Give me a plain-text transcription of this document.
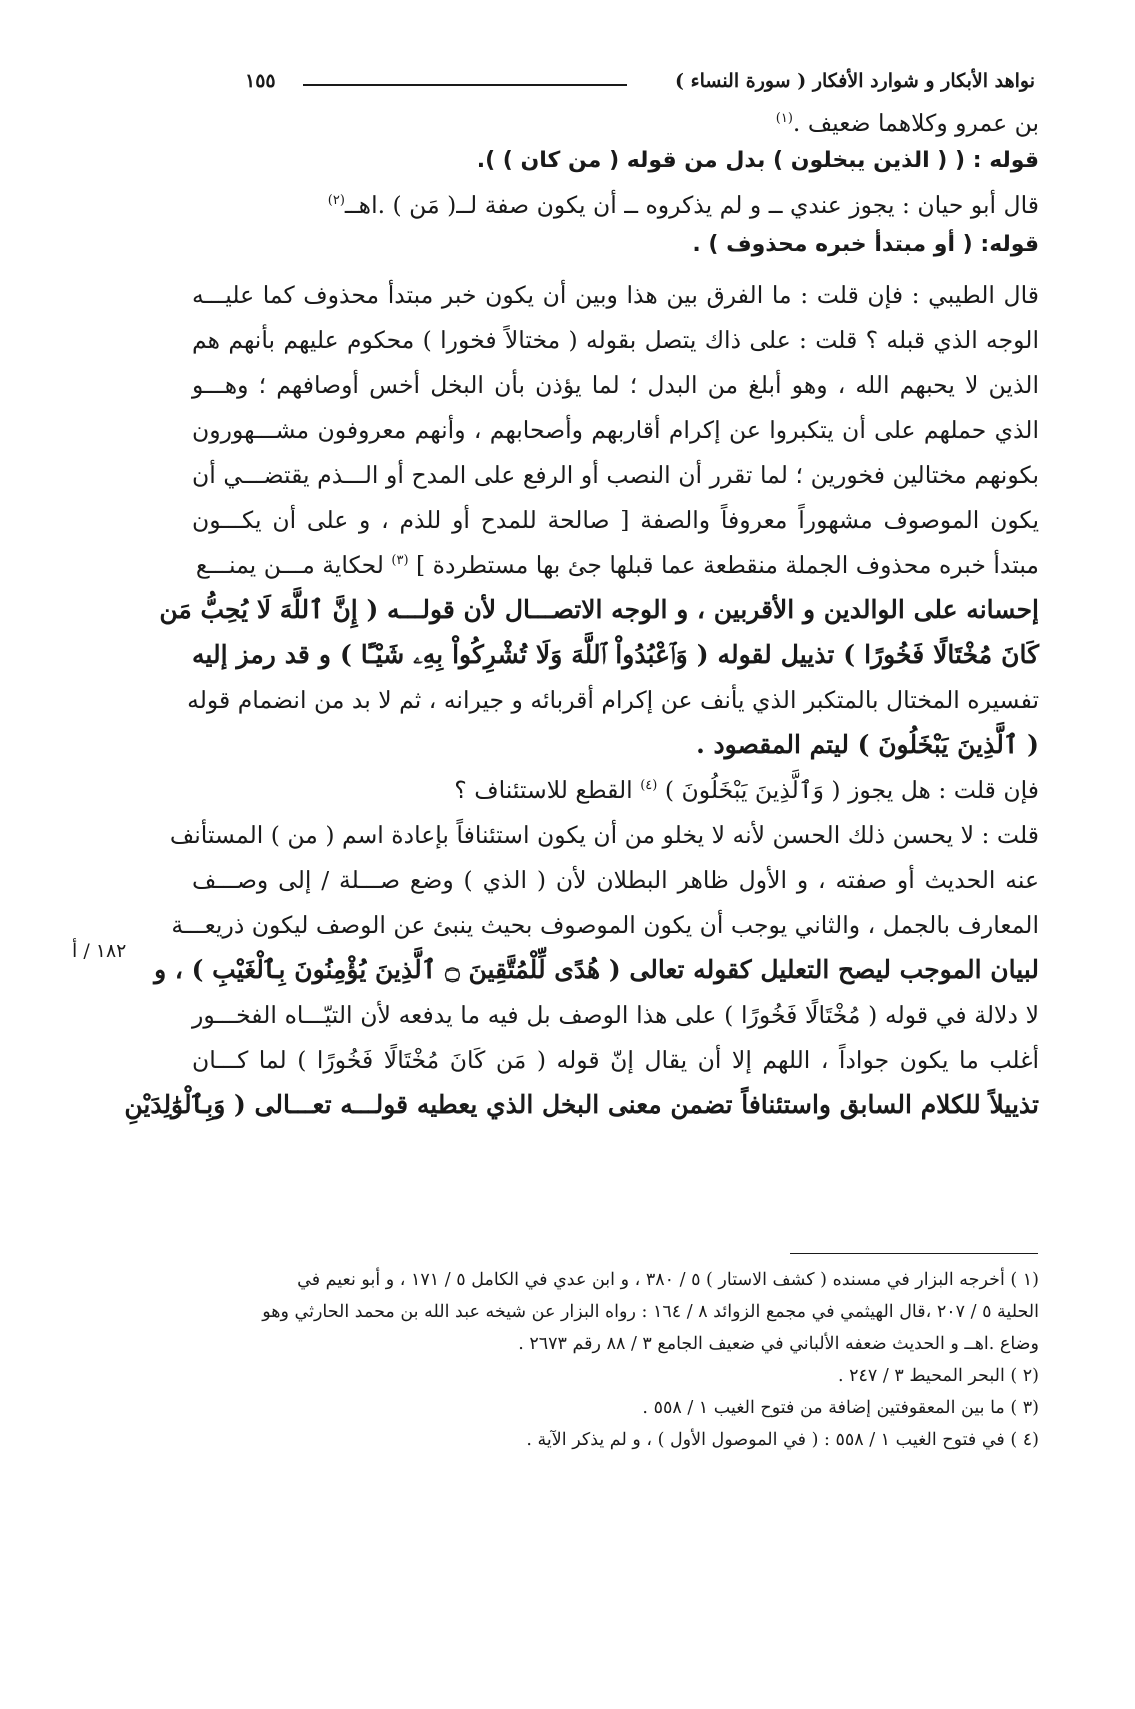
نواهد الأبكار و شوارد الأفكار ( سورة النساء )
١٥٥
بن عمرو وكلاهما ضعيف .$^{(١)}$
قوله : ( ( الذين يبخلون ) بدل من قوله ( من كان ) ).
قال أبو حيان : يجوز عندي ــ و لم يذكروه ــ أن يكون صفة لــ( مَن ) .اهــ$^{(٢)}$
قوله: ( أو مبتدأ خبره محذوف ) .
قال الطيبي : فإن قلت : ما الفرق بين هذا وبين أن يكون خبر مبتدأ محذوف كما عليـــه
الوجه الذي قبله ؟ قلت : على ذاك يتصل بقوله ( مختالاً فخورا ) محكوم عليهم بأنهم هم
الذين لا يحبهم الله ، وهو أبلغ من البدل ؛ لما يؤذن بأن البخل أخس أوصافهم ؛ وهـــو
الذي حملهم على أن يتكبروا عن إكرام أقاربهم وأصحابهم ، وأنهم معروفون مشـــهورون
بكونهم مختالين فخورين ؛ لما تقرر أن النصب أو الرفع على المدح أو الـــذم يقتضـــي أن
يكون الموصوف مشهوراً معروفاً والصفة [ صالحة للمدح أو للذم ، و على أن يكـــون
مبتدأ خبره محذوف الجملة منقطعة عما قبلها جئ بها مستطردة ] $^{(٣)}$ لحكاية مـــن يمنـــع
إحسانه على الوالدين و الأقربين ، و الوجه الاتصـــال لأن قولـــه ( إِنَّ ٱللَّهَ لَا يُحِبُّ مَن
كَانَ مُخْتَالًا فَخُورًا ) تذييل لقوله ( وَٱعْبُدُواْ ٱللَّهَ وَلَا تُشْرِكُواْ بِهِۦ شَيْـًٔا ) و قد رمز إليه
تفسيره المختال بالمتكبر الذي يأنف عن إكرام أقربائه و جيرانه ، ثم لا بد من انضمام قوله
( ٱلَّذِينَ يَبْخَلُونَ ) ليتم المقصود .
فإن قلت : هل يجوز ( وَٱلَّذِينَ يَبْخَلُونَ ) $^{(٤)}$ القطع للاستئناف ؟
قلت : لا يحسن ذلك الحسن لأنه لا يخلو من أن يكون استئنافاً بإعادة اسم ( من ) المستأنف
عنه الحديث أو صفته ، و الأول ظاهر البطلان لأن ( الذي ) وضع صـــلة / إلى وصـــف
المعارف بالجمل ، والثاني يوجب أن يكون الموصوف بحيث ينبئ عن الوصف ليكون ذريعـــة
لبيان الموجب ليصح التعليل كقوله تعالى ( هُدًى لِّلْمُتَّقِينَ ۝ ٱلَّذِينَ يُؤْمِنُونَ بِٱلْغَيْبِ ) ، و
لا دلالة في قوله ( مُخْتَالًا فَخُورًا ) على هذا الوصف بل فيه ما يدفعه لأن التيّـــاه الفخـــور
أغلب ما يكون جواداً ، اللهم إلا أن يقال إنّ قوله ( مَن كَانَ مُخْتَالًا فَخُورًا ) لما كـــان
تذييلاً للكلام السابق واستئنافاً تضمن معنى البخل الذي يعطيه قولـــه تعـــالى ( وَبِٱلْوَٰلِدَيْنِ
١٨٢ / أ
(١ ) أخرجه البزار في مسنده ( كشف الاستار ) ٥ / ٣٨٠ ، و ابن عدي في الكامل ٥ / ١٧١ ، و أبو نعيم في
الحلية ٥ / ٢٠٧ ،قال الهيثمي في مجمع الزوائد ٨ / ١٦٤ : رواه البزار عن شيخه عبد الله بن محمد الحارثي وهو
وضاع .اهــ و الحديث ضعفه الألباني في ضعيف الجامع ٣ / ٨٨ رقم ٢٦٧٣ .
(٢ ) البحر المحيط ٣ / ٢٤٧ .
(٣ ) ما بين المعقوفتين إضافة من فتوح الغيب ١ / ٥٥٨ .
(٤ ) في فتوح الغيب ١ / ٥٥٨ : ( في الموصول الأول ) ، و لم يذكر الآية .
